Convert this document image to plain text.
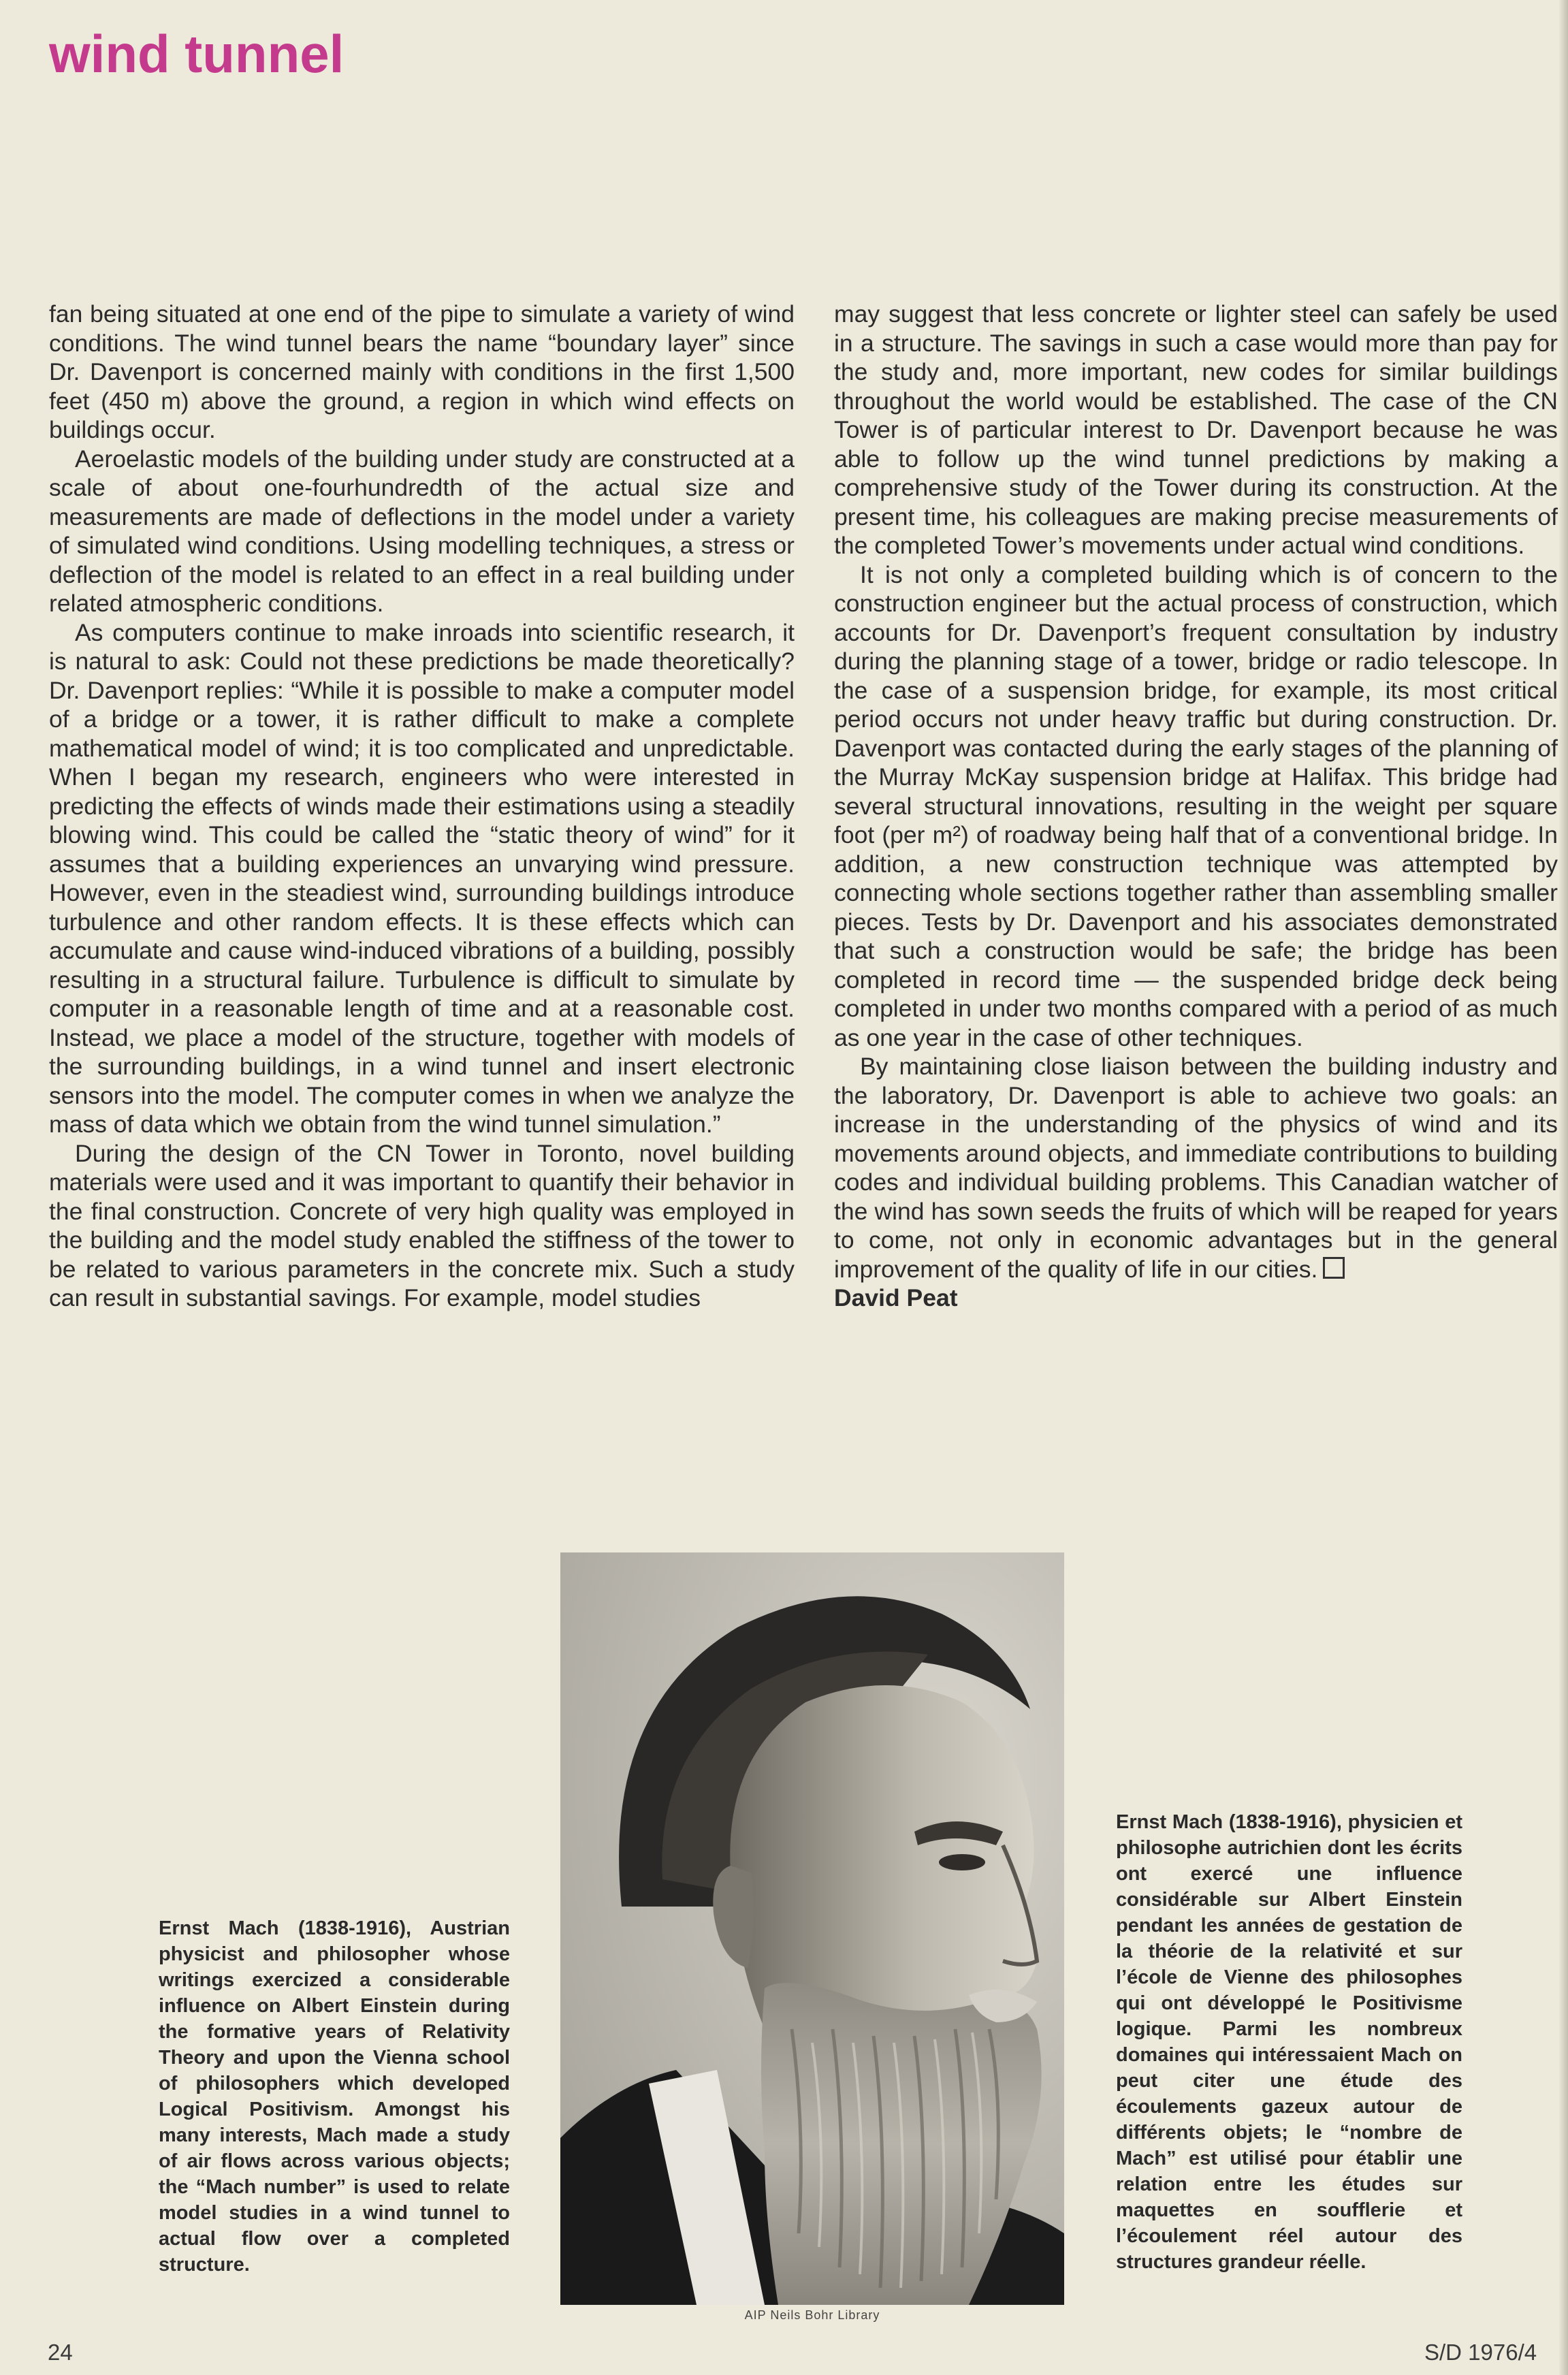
wind tunnel

fan being situated at one end of the pipe to simulate a variety of wind conditions. The wind tunnel bears the name “boundary layer” since Dr. Davenport is concerned mainly with conditions in the first 1,500 feet (450 m) above the ground, a region in which wind effects on buildings occur.

Aeroelastic models of the building under study are constructed at a scale of about one-fourhundredth of the actual size and measurements are made of deflections in the model under a variety of simulated wind conditions. Using modelling techniques, a stress or deflection of the model is related to an effect in a real building under related atmospheric conditions.

As computers continue to make inroads into scientific research, it is natural to ask: Could not these predictions be made theoretically? Dr. Davenport replies: “While it is possible to make a computer model of a bridge or a tower, it is rather difficult to make a complete mathematical model of wind; it is too complicated and unpredictable. When I began my research, engineers who were interested in predicting the effects of winds made their estimations using a steadily blowing wind. This could be called the “static theory of wind” for it assumes that a building experiences an unvarying wind pressure. However, even in the steadiest wind, surrounding buildings introduce turbulence and other random effects. It is these effects which can accumulate and cause wind-induced vibrations of a building, possibly resulting in a structural failure. Turbulence is difficult to simulate by computer in a reasonable length of time and at a reasonable cost. Instead, we place a model of the structure, together with models of the surrounding buildings, in a wind tunnel and insert electronic sensors into the model. The computer comes in when we analyze the mass of data which we obtain from the wind tunnel simulation.”

During the design of the CN Tower in Toronto, novel building materials were used and it was important to quantify their behavior in the final construction. Concrete of very high quality was employed in the building and the model study enabled the stiffness of the tower to be related to various parameters in the concrete mix. Such a study can result in substantial savings. For example, model studies

may suggest that less concrete or lighter steel can safely be used in a structure. The savings in such a case would more than pay for the study and, more important, new codes for similar buildings throughout the world would be established. The case of the CN Tower is of particular interest to Dr. Davenport because he was able to follow up the wind tunnel predictions by making a comprehensive study of the Tower during its construction. At the present time, his colleagues are making precise measurements of the completed Tower’s movements under actual wind conditions.

It is not only a completed building which is of concern to the construction engineer but the actual process of construction, which accounts for Dr. Davenport’s frequent consultation by industry during the planning stage of a tower, bridge or radio telescope. In the case of a suspension bridge, for example, its most critical period occurs not under heavy traffic but during construction. Dr. Davenport was contacted during the early stages of the planning of the Murray McKay suspension bridge at Halifax. This bridge had several structural innovations, resulting in the weight per square foot (per m²) of roadway being half that of a conventional bridge. In addition, a new construction technique was attempted by connecting whole sections together rather than assembling smaller pieces. Tests by Dr. Davenport and his associates demonstrated that such a construction would be safe; the bridge has been completed in record time — the suspended bridge deck being completed in under two months compared with a period of as much as one year in the case of other techniques.

By maintaining close liaison between the building industry and the laboratory, Dr. Davenport is able to achieve two goals: an increase in the understanding of the physics of wind and its movements around objects, and immediate contributions to building codes and individual building problems. This Canadian watcher of the wind has sown seeds the fruits of which will be reaped for years to come, not only in economic advantages but in the general improvement of the quality of life in our cities.

David Peat

AIP Neils Bohr Library
Ernst Mach (1838-1916), Austrian physicist and philosopher whose writings exercized a considerable influence on Albert Einstein during the formative years of Relativity Theory and upon the Vienna school of philosophers which developed Logical Positivism. Amongst his many interests, Mach made a study of air flows across various objects; the “Mach number” is used to relate model studies in a wind tunnel to actual flow over a completed structure.
Ernst Mach (1838-1916), physicien et philosophe autrichien dont les écrits ont exercé une influence considérable sur Albert Einstein pendant les années de gestation de la théorie de la relativité et sur l’école de Vienne des philosophes qui ont développé le Positivisme logique. Parmi les nombreux domaines qui intéressaient Mach on peut citer une étude des écoulements gazeux autour de différents objets; le “nombre de Mach” est utilisé pour établir une relation entre les études sur maquettes en soufflerie et l’écoulement réel autour des structures grandeur réelle.
24	S/D 1976/4
